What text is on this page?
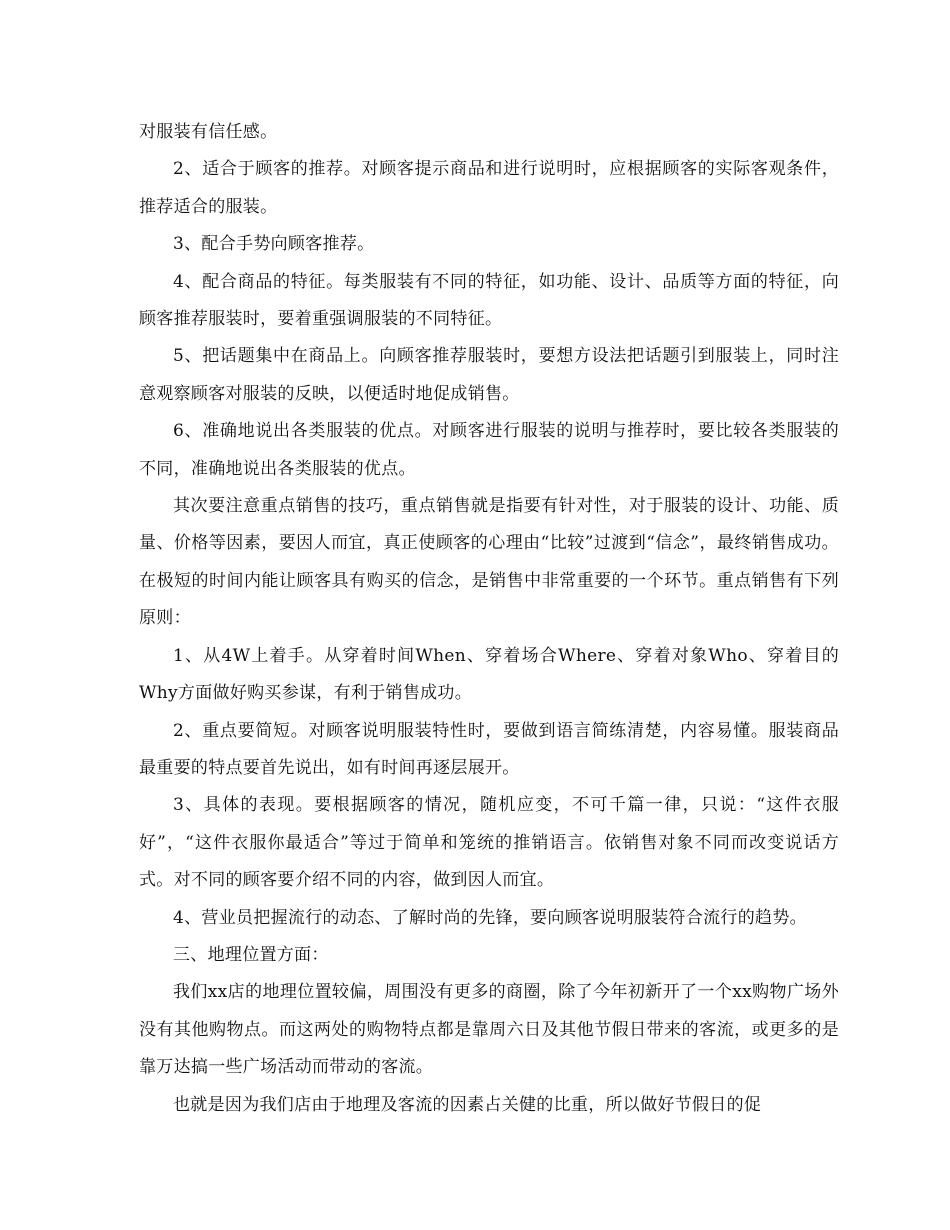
对服装有信任感。

2、适合于顾客的推荐。对顾客提示商品和进行说明时，应根据顾客的实际客观条件，推荐适合的服装。

3、配合手势向顾客推荐。

4、配合商品的特征。每类服装有不同的特征，如功能、设计、品质等方面的特征，向顾客推荐服装时，要着重强调服装的不同特征。

5、把话题集中在商品上。向顾客推荐服装时，要想方设法把话题引到服装上，同时注意观察顾客对服装的反映，以便适时地促成销售。

6、准确地说出各类服装的优点。对顾客进行服装的说明与推荐时，要比较各类服装的不同，准确地说出各类服装的优点。

其次要注意重点销售的技巧，重点销售就是指要有针对性，对于服装的设计、功能、质量、价格等因素，要因人而宜，真正使顾客的心理由“比较”过渡到“信念”，最终销售成功。在极短的时间内能让顾客具有购买的信念，是销售中非常重要的一个环节。重点销售有下列原则：

1、从4W上着手。从穿着时间When、穿着场合Where、穿着对象Who、穿着目的Why方面做好购买参谋，有利于销售成功。

2、重点要简短。对顾客说明服装特性时，要做到语言简练清楚，内容易懂。服装商品最重要的特点要首先说出，如有时间再逐层展开。

3、具体的表现。要根据顾客的情况，随机应变，不可千篇一律，只说：“这件衣服好”，“这件衣服你最适合”等过于简单和笼统的推销语言。依销售对象不同而改变说话方式。对不同的顾客要介绍不同的内容，做到因人而宜。

4、营业员把握流行的动态、了解时尚的先锋，要向顾客说明服装符合流行的趋势。

三、地理位置方面：

我们xx店的地理位置较偏，周围没有更多的商圈，除了今年初新开了一个xx购物广场外没有其他购物点。而这两处的购物特点都是靠周六日及其他节假日带来的客流，或更多的是靠万达搞一些广场活动而带动的客流。

也就是因为我们店由于地理及客流的因素占关健的比重，所以做好节假日的促
